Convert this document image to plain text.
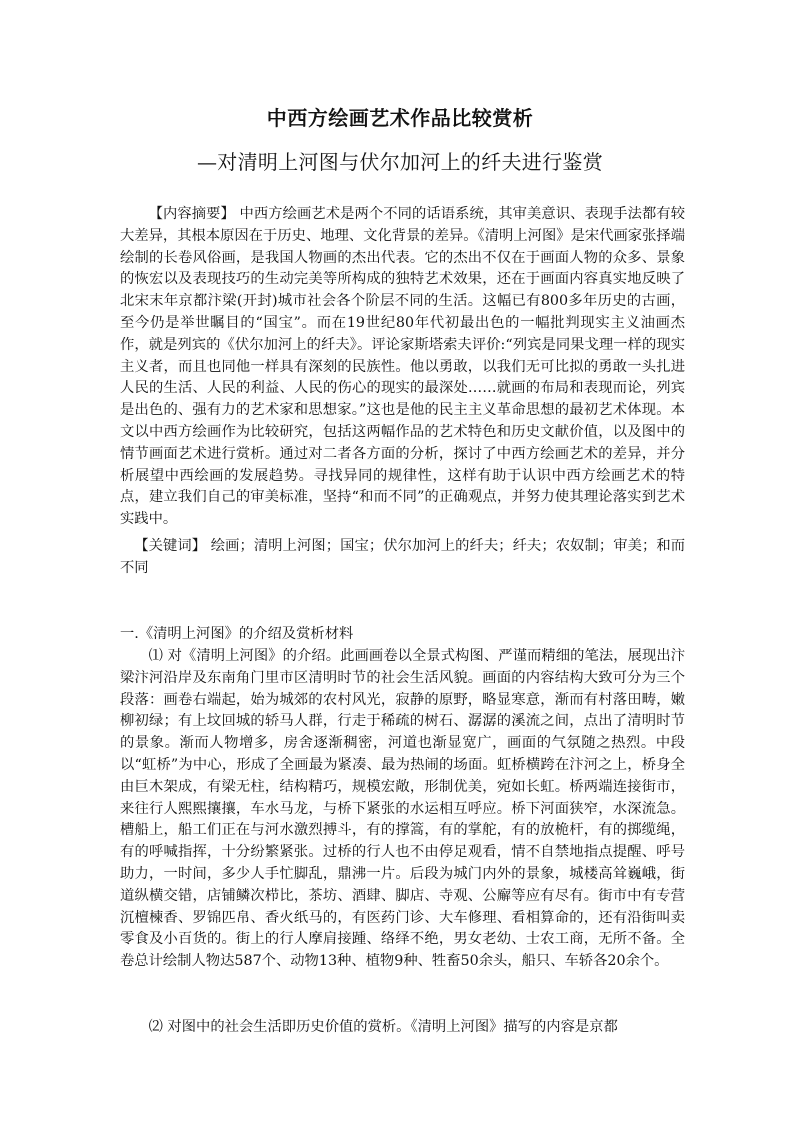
中西方绘画艺术作品比较赏析
—对清明上河图与伏尔加河上的纤夫进行鉴赏

【内容摘要】 中西方绘画艺术是两个不同的话语系统，其审美意识、表现手法都有较大差异，其根本原因在于历史、地理、文化背景的差异。《清明上河图》是宋代画家张择端绘制的长卷风俗画，是我国人物画的杰出代表。它的杰出不仅在于画面人物的众多、景象的恢宏以及表现技巧的生动完美等所构成的独特艺术效果，还在于画面内容真实地反映了北宋末年京都汴梁(开封)城市社会各个阶层不同的生活。这幅已有800多年历史的古画，至今仍是举世瞩目的“国宝”。而在19世纪80年代初最出色的一幅批判现实主义油画杰作，就是列宾的《伏尔加河上的纤夫》。评论家斯塔索夫评价:“列宾是同果戈理一样的现实主义者，而且也同他一样具有深刻的民族性。他以勇敢，以我们无可比拟的勇敢一头扎进人民的生活、人民的利益、人民的伤心的现实的最深处……就画的布局和表现而论，列宾是出色的、强有力的艺术家和思想家。”这也是他的民主主义革命思想的最初艺术体现。本文以中西方绘画作为比较研究，包括这两幅作品的艺术特色和历史文献价值，以及图中的情节画面艺术进行赏析。通过对二者各方面的分析，探讨了中西方绘画艺术的差异，并分析展望中西绘画的发展趋势。寻找异同的规律性，这样有助于认识中西方绘画艺术的特点，建立我们自己的审美标准，坚持“和而不同”的正确观点，并努力使其理论落实到艺术实践中。

【关键词】 绘画；清明上河图；国宝；伏尔加河上的纤夫；纤夫；农奴制；审美；和而不同

一.《清明上河图》的介绍及赏析材料

⑴ 对《清明上河图》的介绍。此画画卷以全景式构图、严谨而精细的笔法，展现出汴梁汴河沿岸及东南角门里市区清明时节的社会生活风貌。画面的内容结构大致可分为三个段落：画卷右端起，始为城郊的农村风光，寂静的原野，略显寒意，渐而有村落田畴，嫩柳初绿；有上坟回城的轿马人群，行走于稀疏的树石、潺潺的溪流之间，点出了清明时节的景象。渐而人物增多，房舍逐渐稠密，河道也渐显宽广，画面的气氛随之热烈。中段以“虹桥”为中心，形成了全画最为紧凑、最为热闹的场面。虹桥横跨在汴河之上，桥身全由巨木架成，有梁无柱，结构精巧，规模宏敞，形制优美，宛如长虹。桥两端连接街市，来往行人熙熙攘攘，车水马龙，与桥下紧张的水运相互呼应。桥下河面狭窄，水深流急。槽船上，船工们正在与河水激烈搏斗，有的撑篙，有的掌舵，有的放桅杆，有的掷缆绳，有的呼喊指挥，十分纷繁紧张。过桥的行人也不由停足观看，情不自禁地指点提醒、呼号助力，一时间，多少人手忙脚乱，鼎沸一片。后段为城门内外的景象，城楼高耸巍峨，街道纵横交错，店铺鳞次栉比，茶坊、酒肆、脚店、寺观、公廨等应有尽有。街市中有专营沉檀楝香、罗锦匹帛、香火纸马的，有医药门诊、大车修理、看相算命的，还有沿街叫卖零食及小百货的。街上的行人摩肩接踵、络绎不绝，男女老幼、士农工商，无所不备。全卷总计绘制人物达587个、动物13种、植物9种、牲畜50余头，船只、车轿各20余个。

⑵ 对图中的社会生活即历史价值的赏析。《清明上河图》描写的内容是京都
